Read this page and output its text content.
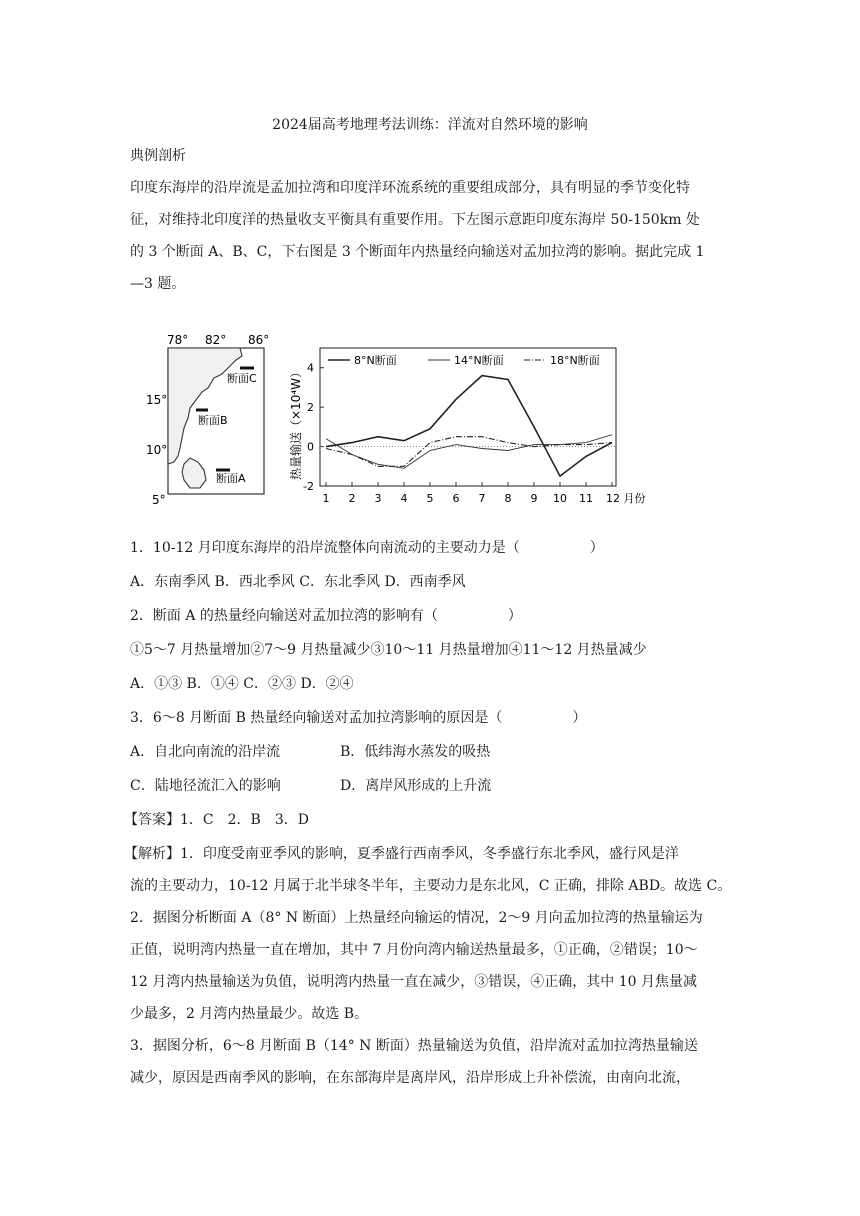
2024届高考地理考法训练：洋流对自然环境的影响
典例剖析
印度东海岸的沿岸流是孟加拉湾和印度洋环流系统的重要组成部分，具有明显的季节变化特
征，对维持北印度洋的热量收支平衡具有重要作用。下左图示意距印度东海岸 50-150km 处
的 3 个断面 A、B、C，下右图是 3 个断面年内热量经向输送对孟加拉湾的影响。据此完成 1
—3 题。
78° 82° 86°
断面C
断面B
断面A
15°
10°
5°
热量输送（×10⁴W） 4
2
0
-2
1 2 3 4 5 6 7 8 9 10 11 12 月份
8°N断面	14°N断面	18°N断面
1．10-12 月印度东海岸的沿岸流整体向南流动的主要动力是（　　　　　）
A．东南季风 B．西北季风 C．东北季风 D．西南季风
2．断面 A 的热量经向输送对孟加拉湾的影响有（　　　　　）
①5～7 月热量增加②7～9 月热量减少③10～11 月热量增加④11～12 月热量减少
A．①③ B．①④ C．②③ D．②④
3．6～8 月断面 B 热量经向输送对孟加拉湾影响的原因是（　　　　　）
A．自北向南流的沿岸流	B．低纬海水蒸发的吸热
C．陆地径流汇入的影响	D．离岸风形成的上升流
【答案】1．C　2．B　3．D
【解析】1．印度受南亚季风的影响，夏季盛行西南季风，冬季盛行东北季风，盛行风是洋
流的主要动力，10-12 月属于北半球冬半年，主要动力是东北风，C 正确，排除 ABD。故选 C。
2．据图分析断面 A（8° N 断面）上热量经向输运的情况，2～9 月向孟加拉湾的热量输运为
正值，说明湾内热量一直在增加，其中 7 月份向湾内输送热量最多，①正确，②错误；10～
12 月湾内热量输送为负值，说明湾内热量一直在减少，③错误，④正确，其中 10 月焦量减
少最多，2 月湾内热量最少。故选 B。
3．据图分析，6～8 月断面 B（14° N 断面）热量输送为负值，沿岸流对孟加拉湾热量输送
减少，原因是西南季风的影响，在东部海岸是离岸风，沿岸形成上升补偿流，由南向北流，
